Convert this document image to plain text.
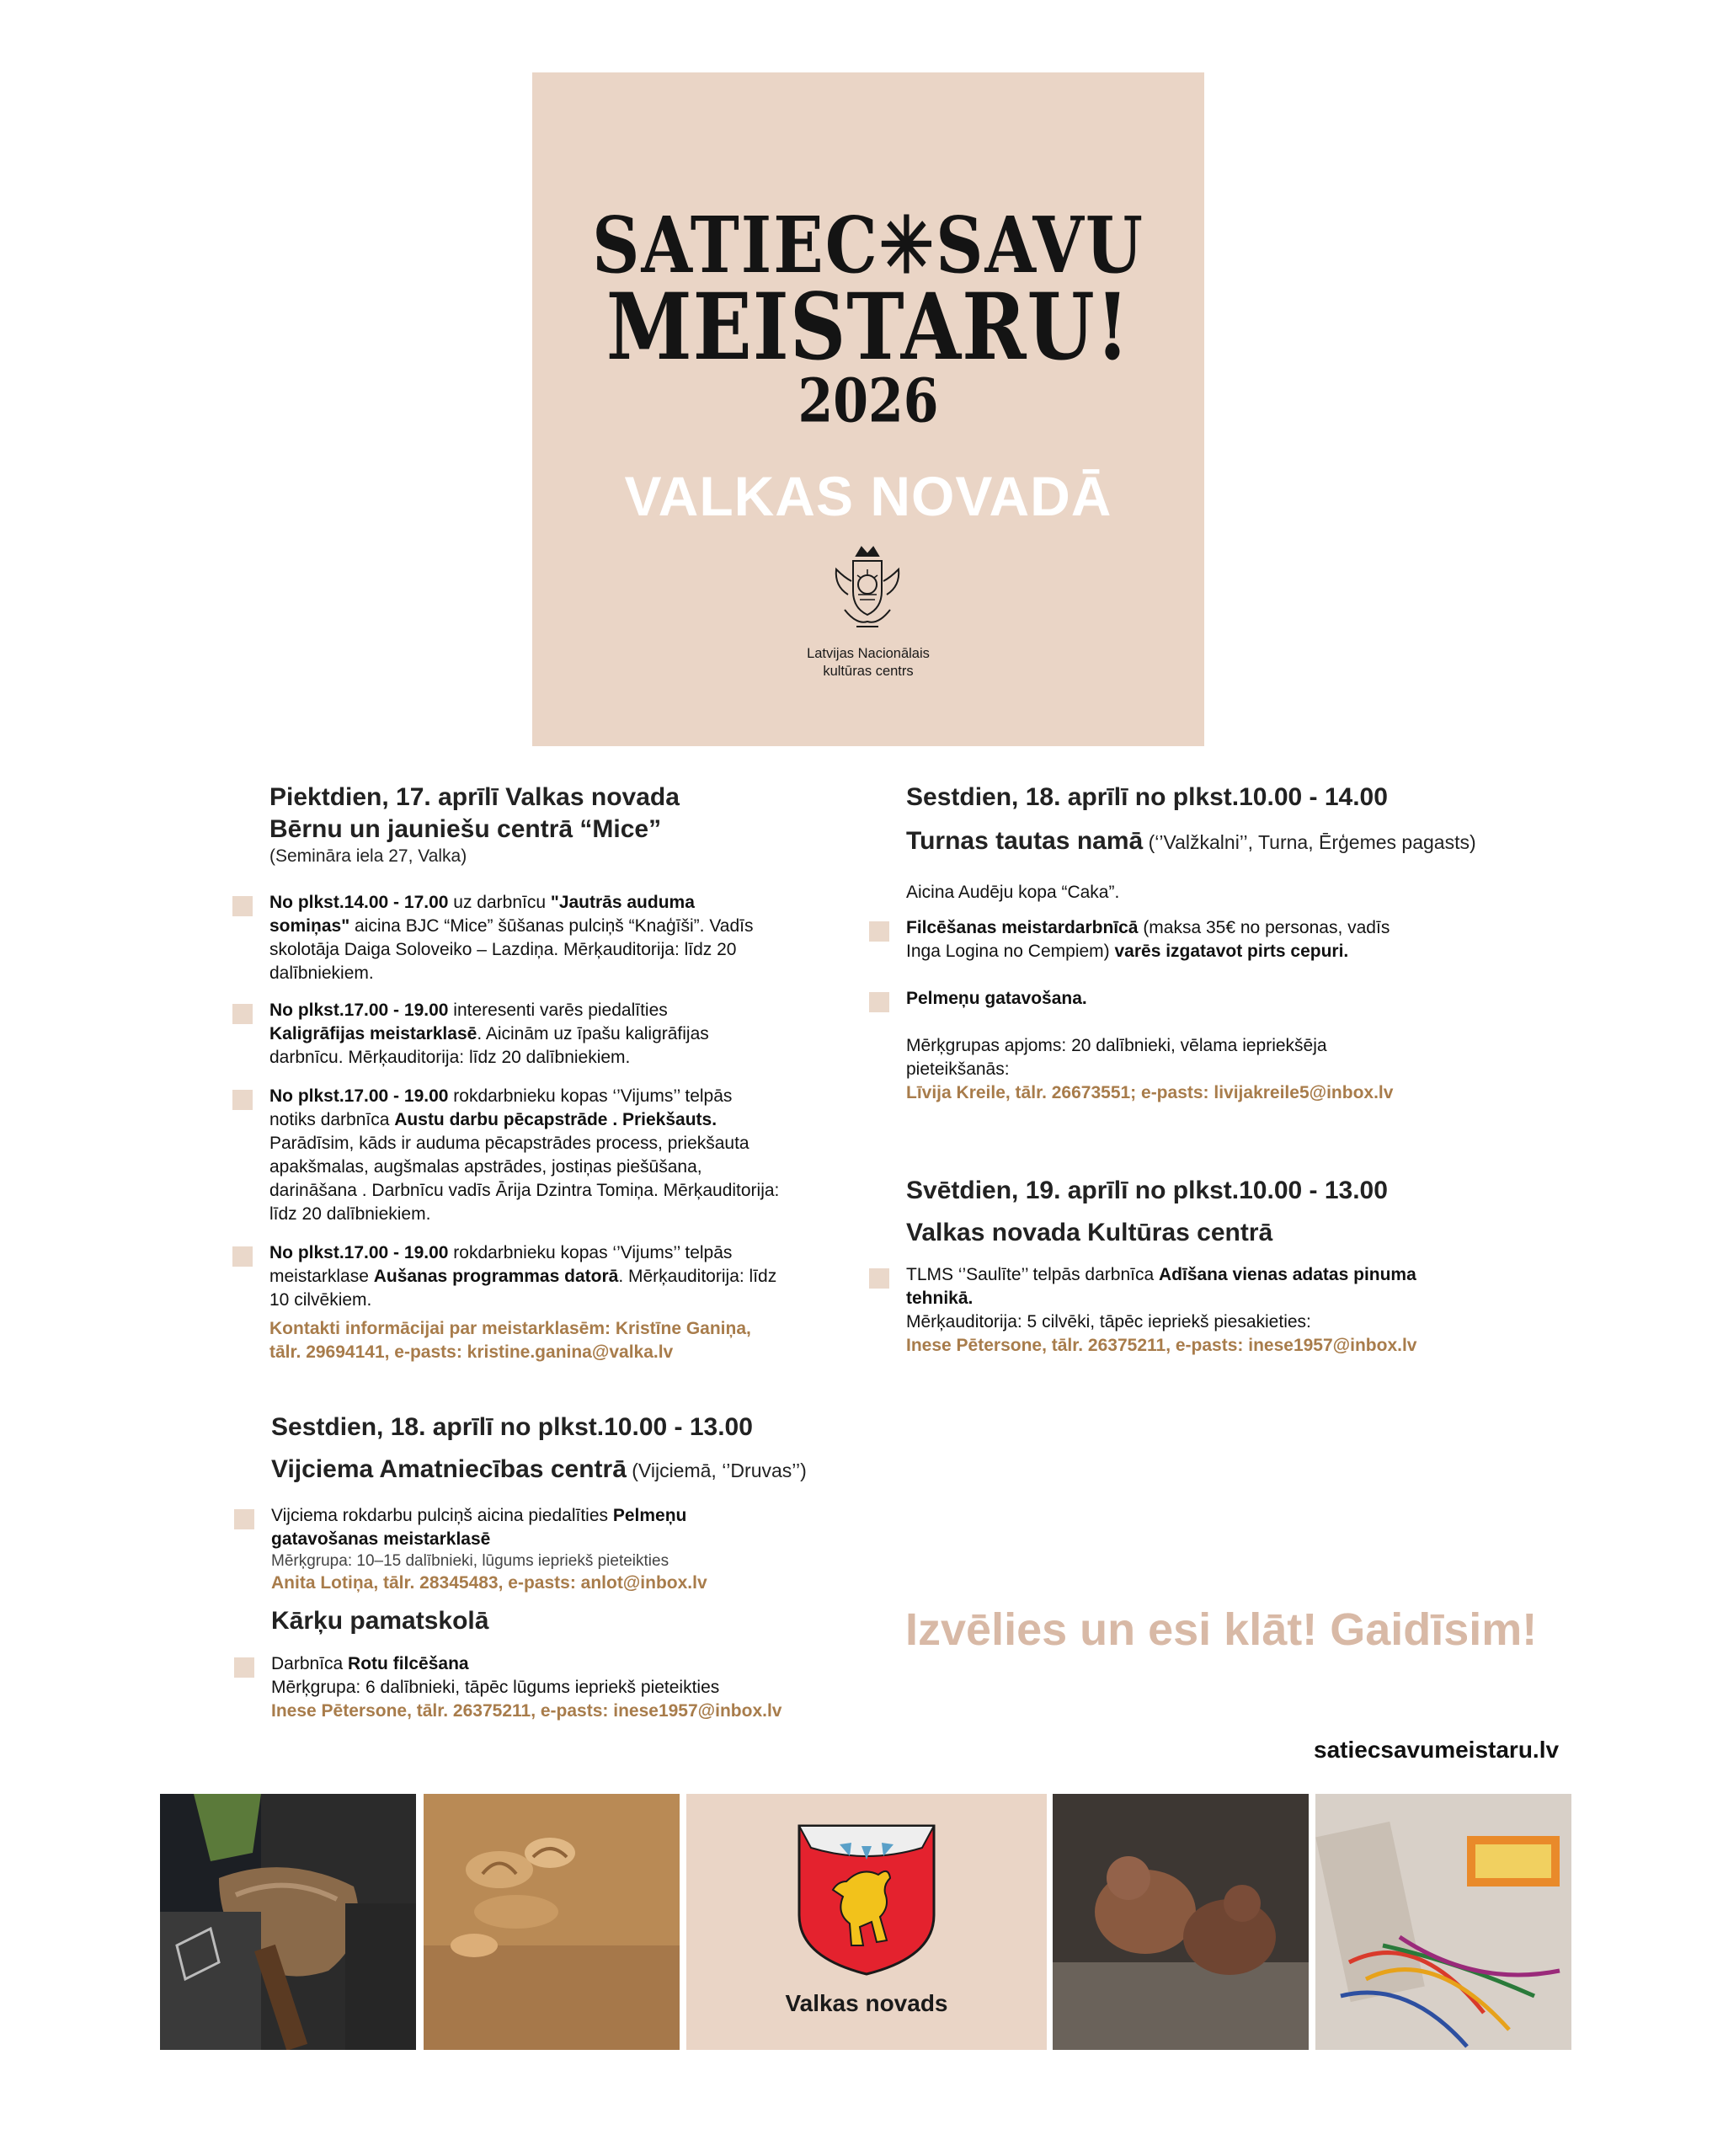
SATIEC✳SAVU
MEISTARU!
2026
VALKAS NOVADĀ
Latvijas Nacionālais
kultūras centrs
Piektdien, 17. aprīlī Valkas novada
Bērnu un jauniešu centrā “Mice”
(Semināra iela 27, Valka)
No plkst.14.00 - 17.00 uz darbnīcu "Jautrās auduma
somiņas" aicina BJC “Mice” šūšanas pulciņš “Knaģīši”. Vadīs
skolotāja Daiga Soloveiko – Lazdiņa. Mērķauditorija: līdz 20
dalībniekiem.
No plkst.17.00 - 19.00 interesenti varēs piedalīties
Kaligrāfijas meistarklasē. Aicinām uz īpašu kaligrāfijas
darbnīcu. Mērķauditorija: līdz 20 dalībniekiem.
No plkst.17.00 - 19.00 rokdarbnieku kopas ‘’Vijums’’ telpās
notiks darbnīca Austu darbu pēcapstrāde . Priekšauts.
Parādīsim, kāds ir auduma pēcapstrādes process, priekšauta
apakšmalas, augšmalas apstrādes, jostiņas piešūšana,
darināšana . Darbnīcu vadīs Ārija Dzintra Tomiņa. Mērķauditorija:
līdz 20 dalībniekiem.
No plkst.17.00 - 19.00 rokdarbnieku kopas ‘’Vijums’’ telpās
meistarklase Aušanas programmas datorā. Mērķauditorija: līdz
10 cilvēkiem.
Kontakti informācijai par meistarklasēm: Kristīne Ganiņa,
tālr. 29694141, e-pasts: kristine.ganina@valka.lv
Sestdien, 18. aprīlī no plkst.10.00 - 13.00
Vijciema Amatniecības centrā (Vijciemā, ‘’Druvas’’)
Vijciema rokdarbu pulciņš aicina piedalīties Pelmeņu
gatavošanas meistarklasē
Mērķgrupa: 10–15 dalībnieki, lūgums iepriekš pieteikties
Anita Lotiņa, tālr. 28345483, e-pasts: anlot@inbox.lv
Kārķu pamatskolā
Darbnīca Rotu filcēšana
Mērķgrupa: 6 dalībnieki, tāpēc lūgums iepriekš pieteikties
Inese Pētersone, tālr. 26375211, e-pasts: inese1957@inbox.lv
Sestdien, 18. aprīlī no plkst.10.00 - 14.00
Turnas tautas namā (‘’Valžkalni’’, Turna, Ērģemes pagasts)
Aicina Audēju kopa “Caka”.
Filcēšanas meistardarbnīcā (maksa 35€ no personas, vadīs
Inga Logina no Cempiem) varēs izgatavot pirts cepuri.
Pelmeņu gatavošana.
Mērķgrupas apjoms: 20 dalībnieki, vēlama iepriekšēja
pieteikšanās:
Līvija Kreile, tālr. 26673551; e-pasts: livijakreile5@inbox.lv
Svētdien, 19. aprīlī no plkst.10.00 - 13.00
Valkas novada Kultūras centrā
TLMS ‘’Saulīte’’ telpās darbnīca Adīšana vienas adatas pinuma
tehnikā.
Mērķauditorija: 5 cilvēki, tāpēc iepriekš piesakieties:
Inese Pētersone, tālr. 26375211, e-pasts: inese1957@inbox.lv
Izvēlies un esi klāt! Gaidīsim!
satiecsavumeistaru.lv
Valkas novads
